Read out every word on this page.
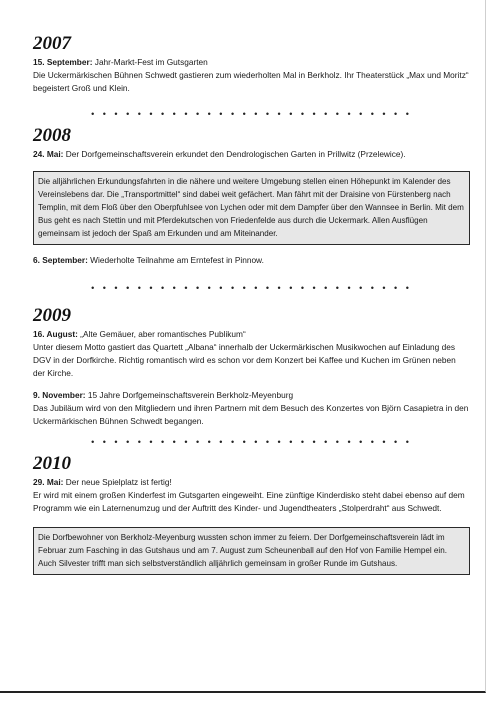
2007

15. September: Jahr-Markt-Fest im Gutsgarten

Die Uckermärkischen Bühnen Schwedt gastieren zum wiederholten Mal in Berkholz. Ihr Theaterstück „Max und Moritz“ begeistert Groß und Klein.

• • • • • • • • • • • • • • • • • • • • • • • • • • • •
2008

24. Mai: Der Dorfgemeinschaftsverein erkundet den Dendrologischen Garten in Prillwitz (Przelewice).

Die alljährlichen Erkundungsfahrten in die nähere und weitere Umgebung stellen einen Höhepunkt im Kalender des Vereinslebens dar. Die „Transportmittel“ sind dabei weit gefächert. Man fährt mit der Draisine von Fürstenberg nach Templin, mit dem Floß über den Oberpfuhlsee von Lychen oder mit dem Dampfer über den Wannsee in Berlin. Mit dem Bus geht es nach Stettin und mit Pferdekutschen von Friedenfelde aus durch die Uckermark. Allen Ausflügen gemeinsam ist jedoch der Spaß am Erkunden und am Miteinander.

6. September: Wiederholte Teilnahme am Erntefest in Pinnow.

• • • • • • • • • • • • • • • • • • • • • • • • • • • •
2009

16. August: „Alte Gemäuer, aber romantisches Publikum“

Unter diesem Motto gastiert das Quartett „Albana“ innerhalb der Uckermärkischen Musikwochen auf Einladung des DGV in der Dorfkirche. Richtig romantisch wird es schon vor dem Konzert bei Kaffee und Kuchen im Grünen neben der Kirche.

9. November: 15 Jahre Dorfgemeinschaftsverein Berkholz-Meyenburg

Das Jubiläum wird von den Mitgliedern und ihren Partnern mit dem Besuch des Konzertes von Björn Casapietra in den Uckermärkischen Bühnen Schwedt begangen.

• • • • • • • • • • • • • • • • • • • • • • • • • • • •
2010

29. Mai: Der neue Spielplatz ist fertig!

Er wird mit einem großen Kinderfest im Gutsgarten eingeweiht. Eine zünftige Kinderdisko steht dabei ebenso auf dem Programm wie ein Laternenumzug und der Auftritt des Kinder- und Jugendtheaters „Stolperdraht“ aus Schwedt.

Die Dorfbewohner von Berkholz-Meyenburg wussten schon immer zu feiern. Der Dorfgemeinschaftsverein lädt im Februar zum Fasching in das Gutshaus und am 7. August zum Scheunenball auf den Hof von Familie Hempel ein. Auch Silvester trifft man sich selbstverständlich alljährlich gemeinsam in großer Runde im Gutshaus.
